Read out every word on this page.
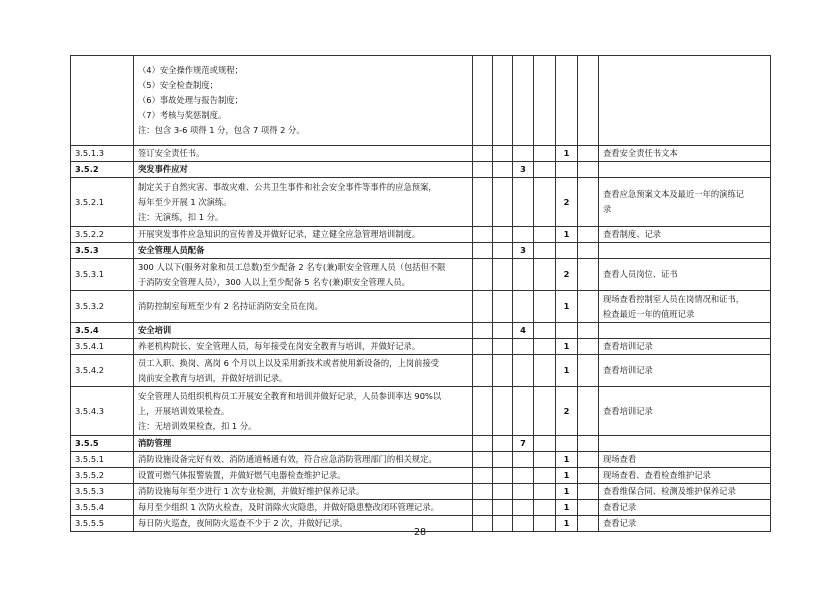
	（4）安全操作规范或规程；
（5）安全检查制度；
（6）事故处理与报告制度；
（7）考核与奖惩制度。
注：包含 3-6 项得 1 分，包含 7 项得 2 分。							

3.5.1.3	签订安全责任书。					1		查看安全责任书文本

3.5.2	突发事件应对			3				
3.5.2.1	制定关于自然灾害、事故灾难、公共卫生事件和社会安全事件等事件的应急预案，
每年至少开展 1 次演练。
注：无演练，扣 1 分。					2		查看应急预案文本及最近一年的演练记
录

3.5.2.2	开展突发事件应急知识的宣传普及并做好记录，建立健全应急管理培训制度。					1		查看制度、记录

3.5.3	安全管理人员配备			3				
3.5.3.1	300 人以下(服务对象和员工总数)至少配备 2 名专(兼)职安全管理人员（包括但不限
于消防安全管理人员），300 人以上至少配备 5 名专(兼)职安全管理人员。					2		查看人员岗位、证书

3.5.3.2	消防控制室每班至少有 2 名持证消防安全员在岗。					1		现场查看控制室人员在岗情况和证书，
检查最近一年的值班记录

3.5.4	安全培训			4				
3.5.4.1	养老机构院长、安全管理人员，每年接受在岗安全教育与培训，并做好记录。					1		查看培训记录

3.5.4.2	员工入职、换岗、离岗 6 个月以上以及采用新技术或者使用新设备的，上岗前接受
岗前安全教育与培训，并做好培训记录。					1		查看培训记录

3.5.4.3	安全管理人员组织机构员工开展安全教育和培训并做好记录，人员参训率达 90%以
上，开展培训效果检查。
注：无培训效果检查，扣 1 分。					2		查看培训记录

3.5.5	消防管理			7				
3.5.5.1	消防设施设备完好有效、消防通道畅通有效，符合应急消防管理部门的相关规定。					1		现场查看

3.5.5.2	设置可燃气体报警装置，并做好燃气电器检查维护记录。					1		现场查看、查看检查维护记录

3.5.5.3	消防设施每年至少进行 1 次专业检测，并做好维护保养记录。					1		查看维保合同、检测及维护保养记录

3.5.5.4	每月至少组织 1 次防火检查，及时消除火灾隐患，并做好隐患整改闭环管理记录。					1		查看记录

3.5.5.5	每日防火巡查，夜间防火巡查不少于 2 次，并做好记录。					1		查看记录
28
